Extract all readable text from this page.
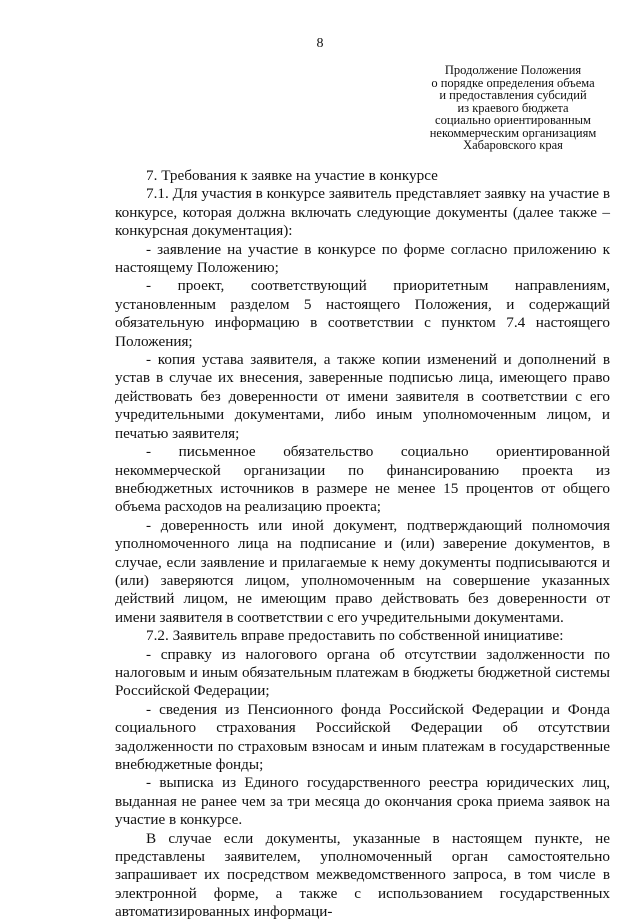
8
Продолжение Положения
о порядке определения объема
и предоставления субсидий
из краевого бюджета
социально ориентированным
некоммерческим организациям
Хабаровского края

7. Требования к заявке на участие в конкурсе

7.1. Для участия в конкурсе заявитель представляет заявку на участие в конкурсе, которая должна включать следующие документы (далее также – конкурсная документация):

- заявление на участие в конкурсе по форме согласно приложению к настоящему Положению;

- проект, соответствующий приоритетным направлениям, установленным разделом 5 настоящего Положения, и содержащий обязательную информацию в соответствии с пунктом 7.4 настоящего Положения;

- копия устава заявителя, а также копии изменений и дополнений в устав в случае их внесения, заверенные подписью лица, имеющего право действовать без доверенности от имени заявителя в соответствии с его учредительными документами, либо иным уполномоченным лицом, и печатью заявителя;

- письменное обязательство социально ориентированной некоммерческой организации по финансированию проекта из внебюджетных источников в размере не менее 15 процентов от общего объема расходов на реализацию проекта;

- доверенность или иной документ, подтверждающий полномочия уполномоченного лица на подписание и (или) заверение документов, в случае, если заявление и прилагаемые к нему документы подписываются и (или) заверяются лицом, уполномоченным на совершение указанных действий лицом, не имеющим право действовать без доверенности от имени заявителя в соответствии с его учредительными документами.

7.2. Заявитель вправе предоставить по собственной инициативе:

- справку из налогового органа об отсутствии задолженности по налоговым и иным обязательным платежам в бюджеты бюджетной системы Российской Федерации;

- сведения из Пенсионного фонда Российской Федерации и Фонда социального страхования Российской Федерации об отсутствии задолженности по страховым взносам и иным платежам в государственные внебюджетные фонды;

- выписка из Единого государственного реестра юридических лиц, выданная не ранее чем за три месяца до окончания срока приема заявок на участие в конкурсе.

В случае если документы, указанные в настоящем пункте, не представлены заявителем, уполномоченный орган самостоятельно запрашивает их посредством межведомственного запроса, в том числе в электронной форме, а также с использованием государственных автоматизированных информаци-
